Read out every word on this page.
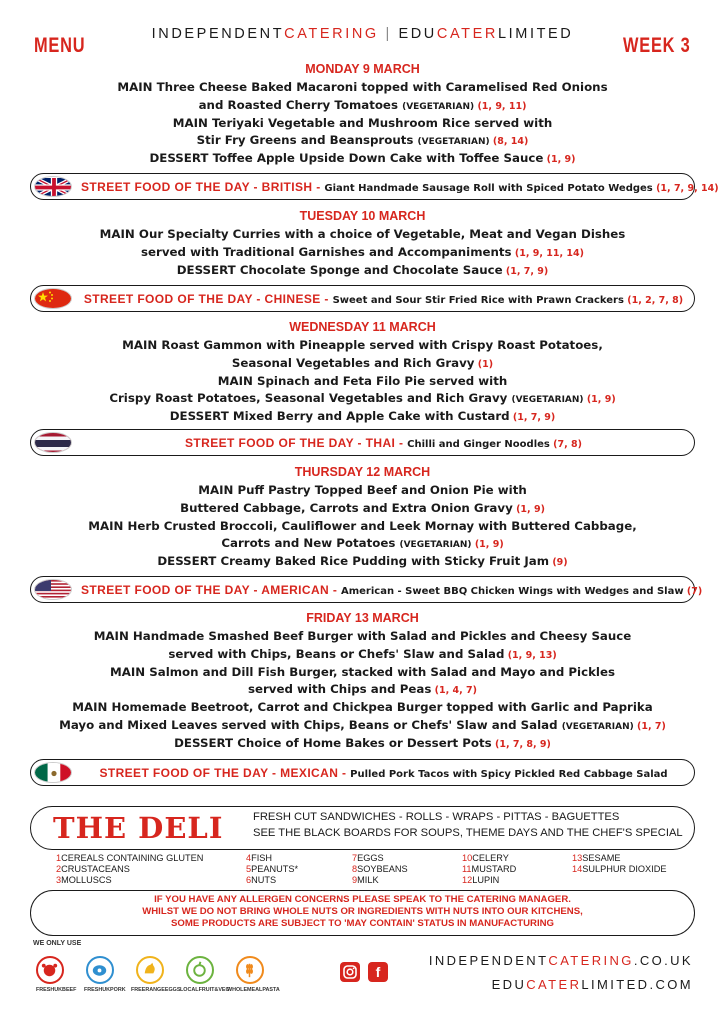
MENU	WEEK 3
INDEPENDENTCATERING | EDUCATERLIMITED
MONDAY 9 MARCH
MAIN Three Cheese Baked Macaroni topped with Caramelised Red Onions
and Roasted Cherry Tomatoes (VEGETARIAN) (1, 9, 11)
MAIN Teriyaki Vegetable and Mushroom Rice served with
Stir Fry Greens and Beansprouts (VEGETARIAN) (8, 14)
DESSERT Toffee Apple Upside Down Cake with Toffee Sauce (1, 9)
STREET FOOD OF THE DAY - BRITISH - Giant Handmade Sausage Roll with Spiced Potato Wedges (1, 7, 9, 14)
TUESDAY 10 MARCH
MAIN Our Specialty Curries with a choice of Vegetable, Meat and Vegan Dishes
served with Traditional Garnishes and Accompaniments (1, 9, 11, 14)
DESSERT Chocolate Sponge and Chocolate Sauce (1, 7, 9)
STREET FOOD OF THE DAY - CHINESE - Sweet and Sour Stir Fried Rice with Prawn Crackers (1, 2, 7, 8)
WEDNESDAY 11 MARCH
MAIN Roast Gammon with Pineapple served with Crispy Roast Potatoes,
Seasonal Vegetables and Rich Gravy (1)
MAIN Spinach and Feta Filo Pie served with
Crispy Roast Potatoes, Seasonal Vegetables and Rich Gravy (VEGETARIAN) (1, 9)
DESSERT Mixed Berry and Apple Cake with Custard (1, 7, 9)
STREET FOOD OF THE DAY - THAI - Chilli and Ginger Noodles (7, 8)
THURSDAY 12 MARCH
MAIN Puff Pastry Topped Beef and Onion Pie with
Buttered Cabbage, Carrots and Extra Onion Gravy (1, 9)
MAIN Herb Crusted Broccoli, Cauliflower and Leek Mornay with Buttered Cabbage,
Carrots and New Potatoes (VEGETARIAN) (1, 9)
DESSERT Creamy Baked Rice Pudding with Sticky Fruit Jam (9)
STREET FOOD OF THE DAY - AMERICAN - American - Sweet BBQ Chicken Wings with Wedges and Slaw (7)
FRIDAY 13 MARCH
MAIN Handmade Smashed Beef Burger with Salad and Pickles and Cheesy Sauce
served with Chips, Beans or Chefs' Slaw and Salad (1, 9, 13)
MAIN Salmon and Dill Fish Burger, stacked with Salad and Mayo and Pickles
served with Chips and Peas (1, 4, 7)
MAIN Homemade Beetroot, Carrot and Chickpea Burger topped with Garlic and Paprika
Mayo and Mixed Leaves served with Chips, Beans or Chefs' Slaw and Salad (VEGETARIAN) (1, 7)
DESSERT Choice of Home Bakes or Dessert Pots (1, 7, 8, 9)
STREET FOOD OF THE DAY - MEXICAN - Pulled Pork Tacos with Spicy Pickled Red Cabbage Salad
THE DELI	FRESH CUT SANDWICHES - ROLLS - WRAPS - PITTAS - BAGUETTES
SEE THE BLACK BOARDS FOR SOUPS, THEME DAYS AND THE CHEF'S SPECIAL
1CEREALS CONTAINING GLUTEN
2CRUSTACEANS
3MOLLUSCS
4FISH
5PEANUTS*
6NUTS
7EGGS
8SOYBEANS
9MILK
10CELERY
11MUSTARD
12LUPIN
13SESAME
14SULPHUR DIOXIDE
IF YOU HAVE ANY ALLERGEN CONCERNS PLEASE SPEAK TO THE CATERING MANAGER.
WHILST WE DO NOT BRING WHOLE NUTS OR INGREDIENTS WITH NUTS INTO OUR KITCHENS,
SOME PRODUCTS ARE SUBJECT TO 'MAY CONTAIN' STATUS IN MANUFACTURING
WE ONLY USE
FRESHUKBEEF FRESHUKPORK FREERANGEEGGS LOCALFRUIT&VEG
WHOLEMEALPASTA
f
INDEPENDENTCATERING.CO.UK
EDUCATERLIMITED.COM
